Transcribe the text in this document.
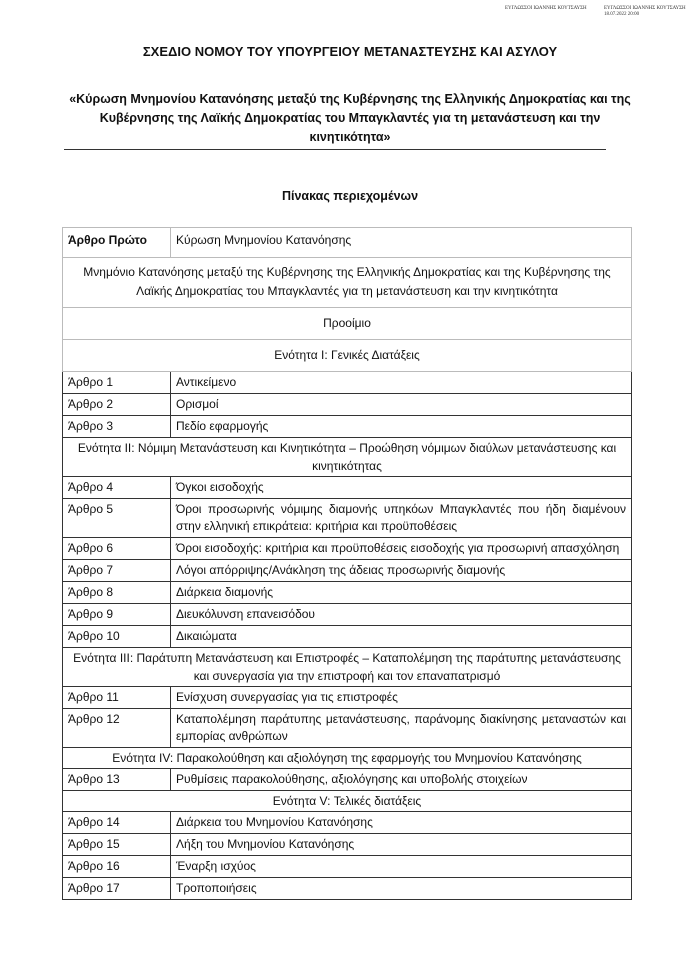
ΕΥΓΛΩΣΣΟΙ ΙΩΑΝΝΗΣ ΚΟΥΤΣΑΥΣΗ	ΕΥΓΛΩΣΣΟΙ ΙΩΑΝΝΗΣ ΚΟΥΤΣΑΥΣΗ
18.07.2022 20:00
ΣΧΕΔΙΟ ΝΟΜΟΥ ΤΟΥ ΥΠΟΥΡΓΕΙΟΥ ΜΕΤΑΝΑΣΤΕΥΣΗΣ ΚΑΙ ΑΣΥΛΟΥ
«Κύρωση Μνημονίου Κατανόησης μεταξύ της Κυβέρνησης της Ελληνικής Δημοκρατίας και της Κυβέρνησης της Λαϊκής Δημοκρατίας του Μπαγκλαντές για τη μετανάστευση και την κινητικότητα»
Πίνακας περιεχομένων
Άρθρο Πρώτο	Κύρωση Μνημονίου Κατανόησης
Μνημόνιο Κατανόησης μεταξύ της Κυβέρνησης της Ελληνικής Δημοκρατίας και της Κυβέρνησης της Λαϊκής Δημοκρατίας του Μπαγκλαντές για τη μετανάστευση και την κινητικότητα	
Προοίμιο	
Ενότητα Ι: Γενικές Διατάξεις	
Άρθρο 1	Αντικείμενο
Άρθρο 2	Ορισμοί
Άρθρο 3	Πεδίο εφαρμογής
Ενότητα ΙΙ: Νόμιμη Μετανάστευση και Κινητικότητα – Προώθηση νόμιμων διαύλων μετανάστευσης και κινητικότητας	
Άρθρο 4	Όγκοι εισοδοχής
Άρθρο 5	Όροι προσωρινής νόμιμης διαμονής υπηκόων Μπαγκλαντές που ήδη διαμένουν στην ελληνική επικράτεια: κριτήρια και προϋποθέσεις
Άρθρο 6	Όροι εισοδοχής: κριτήρια και προϋποθέσεις εισοδοχής για προσωρινή απασχόληση
Άρθρο 7	Λόγοι απόρριψης/Ανάκληση της άδειας προσωρινής διαμονής
Άρθρο 8	Διάρκεια διαμονής
Άρθρο 9	Διευκόλυνση επανεισόδου
Άρθρο 10	Δικαιώματα
Ενότητα ΙΙΙ: Παράτυπη Μετανάστευση και Επιστροφές – Καταπολέμηση της παράτυπης μετανάστευσης και συνεργασία για την επιστροφή και τον επαναπατρισμό	
Άρθρο 11	Ενίσχυση συνεργασίας για τις επιστροφές
Άρθρο 12	Καταπολέμηση παράτυπης μετανάστευσης, παράνομης διακίνησης μεταναστών και εμπορίας ανθρώπων
Ενότητα IV: Παρακολούθηση και αξιολόγηση της εφαρμογής του Μνημονίου Κατανόησης	
Άρθρο 13	Ρυθμίσεις παρακολούθησης, αξιολόγησης και υποβολής στοιχείων
Ενότητα V: Τελικές διατάξεις	
Άρθρο 14	Διάρκεια του Μνημονίου Κατανόησης
Άρθρο 15	Λήξη του Μνημονίου Κατανόησης
Άρθρο 16	Έναρξη ισχύος
Άρθρο 17	Τροποποιήσεις
